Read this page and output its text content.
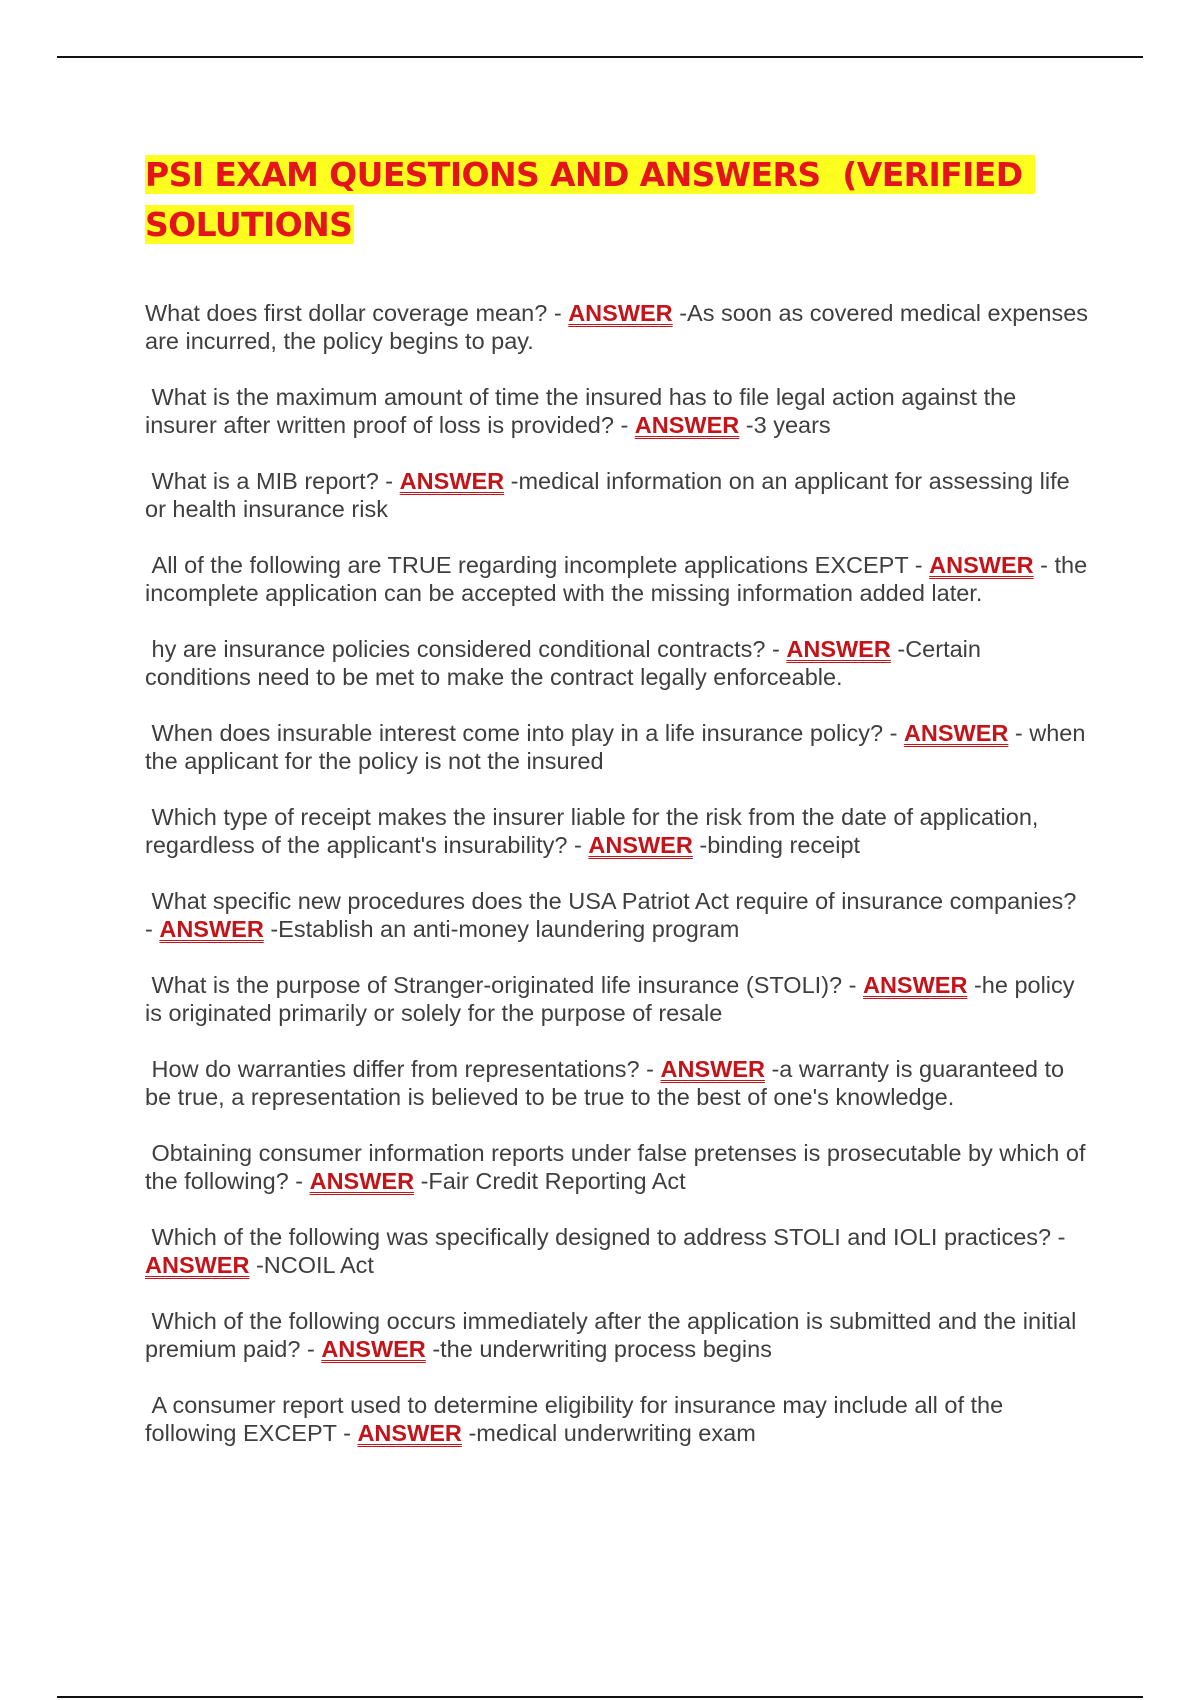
PSI EXAM QUESTIONS AND ANSWERS  (VERIFIED SOLUTIONS

What does first dollar coverage mean? - ANSWER -As soon as covered medical expenses are incurred, the policy begins to pay.

What is the maximum amount of time the insured has to file legal action against the insurer after written proof of loss is provided? - ANSWER -3 years

What is a MIB report? - ANSWER -medical information on an applicant for assessing life or health insurance risk

All of the following are TRUE regarding incomplete applications EXCEPT - ANSWER - the incomplete application can be accepted with the missing information added later.

hy are insurance policies considered conditional contracts? - ANSWER -Certain conditions need to be met to make the contract legally enforceable.

When does insurable interest come into play in a life insurance policy? - ANSWER - when the applicant for the policy is not the insured

Which type of receipt makes the insurer liable for the risk from the date of application, regardless of the applicant's insurability? - ANSWER -binding receipt

What specific new procedures does the USA Patriot Act require of insurance companies? - ANSWER -Establish an anti-money laundering program

What is the purpose of Stranger-originated life insurance (STOLI)? - ANSWER -he policy is originated primarily or solely for the purpose of resale

How do warranties differ from representations? - ANSWER -a warranty is guaranteed to be true, a representation is believed to be true to the best of one's knowledge.

Obtaining consumer information reports under false pretenses is prosecutable by which of the following? - ANSWER -Fair Credit Reporting Act

Which of the following was specifically designed to address STOLI and IOLI practices? - ANSWER -NCOIL Act

Which of the following occurs immediately after the application is submitted and the initial premium paid? - ANSWER -the underwriting process begins

A consumer report used to determine eligibility for insurance may include all of the following EXCEPT - ANSWER -medical underwriting exam
